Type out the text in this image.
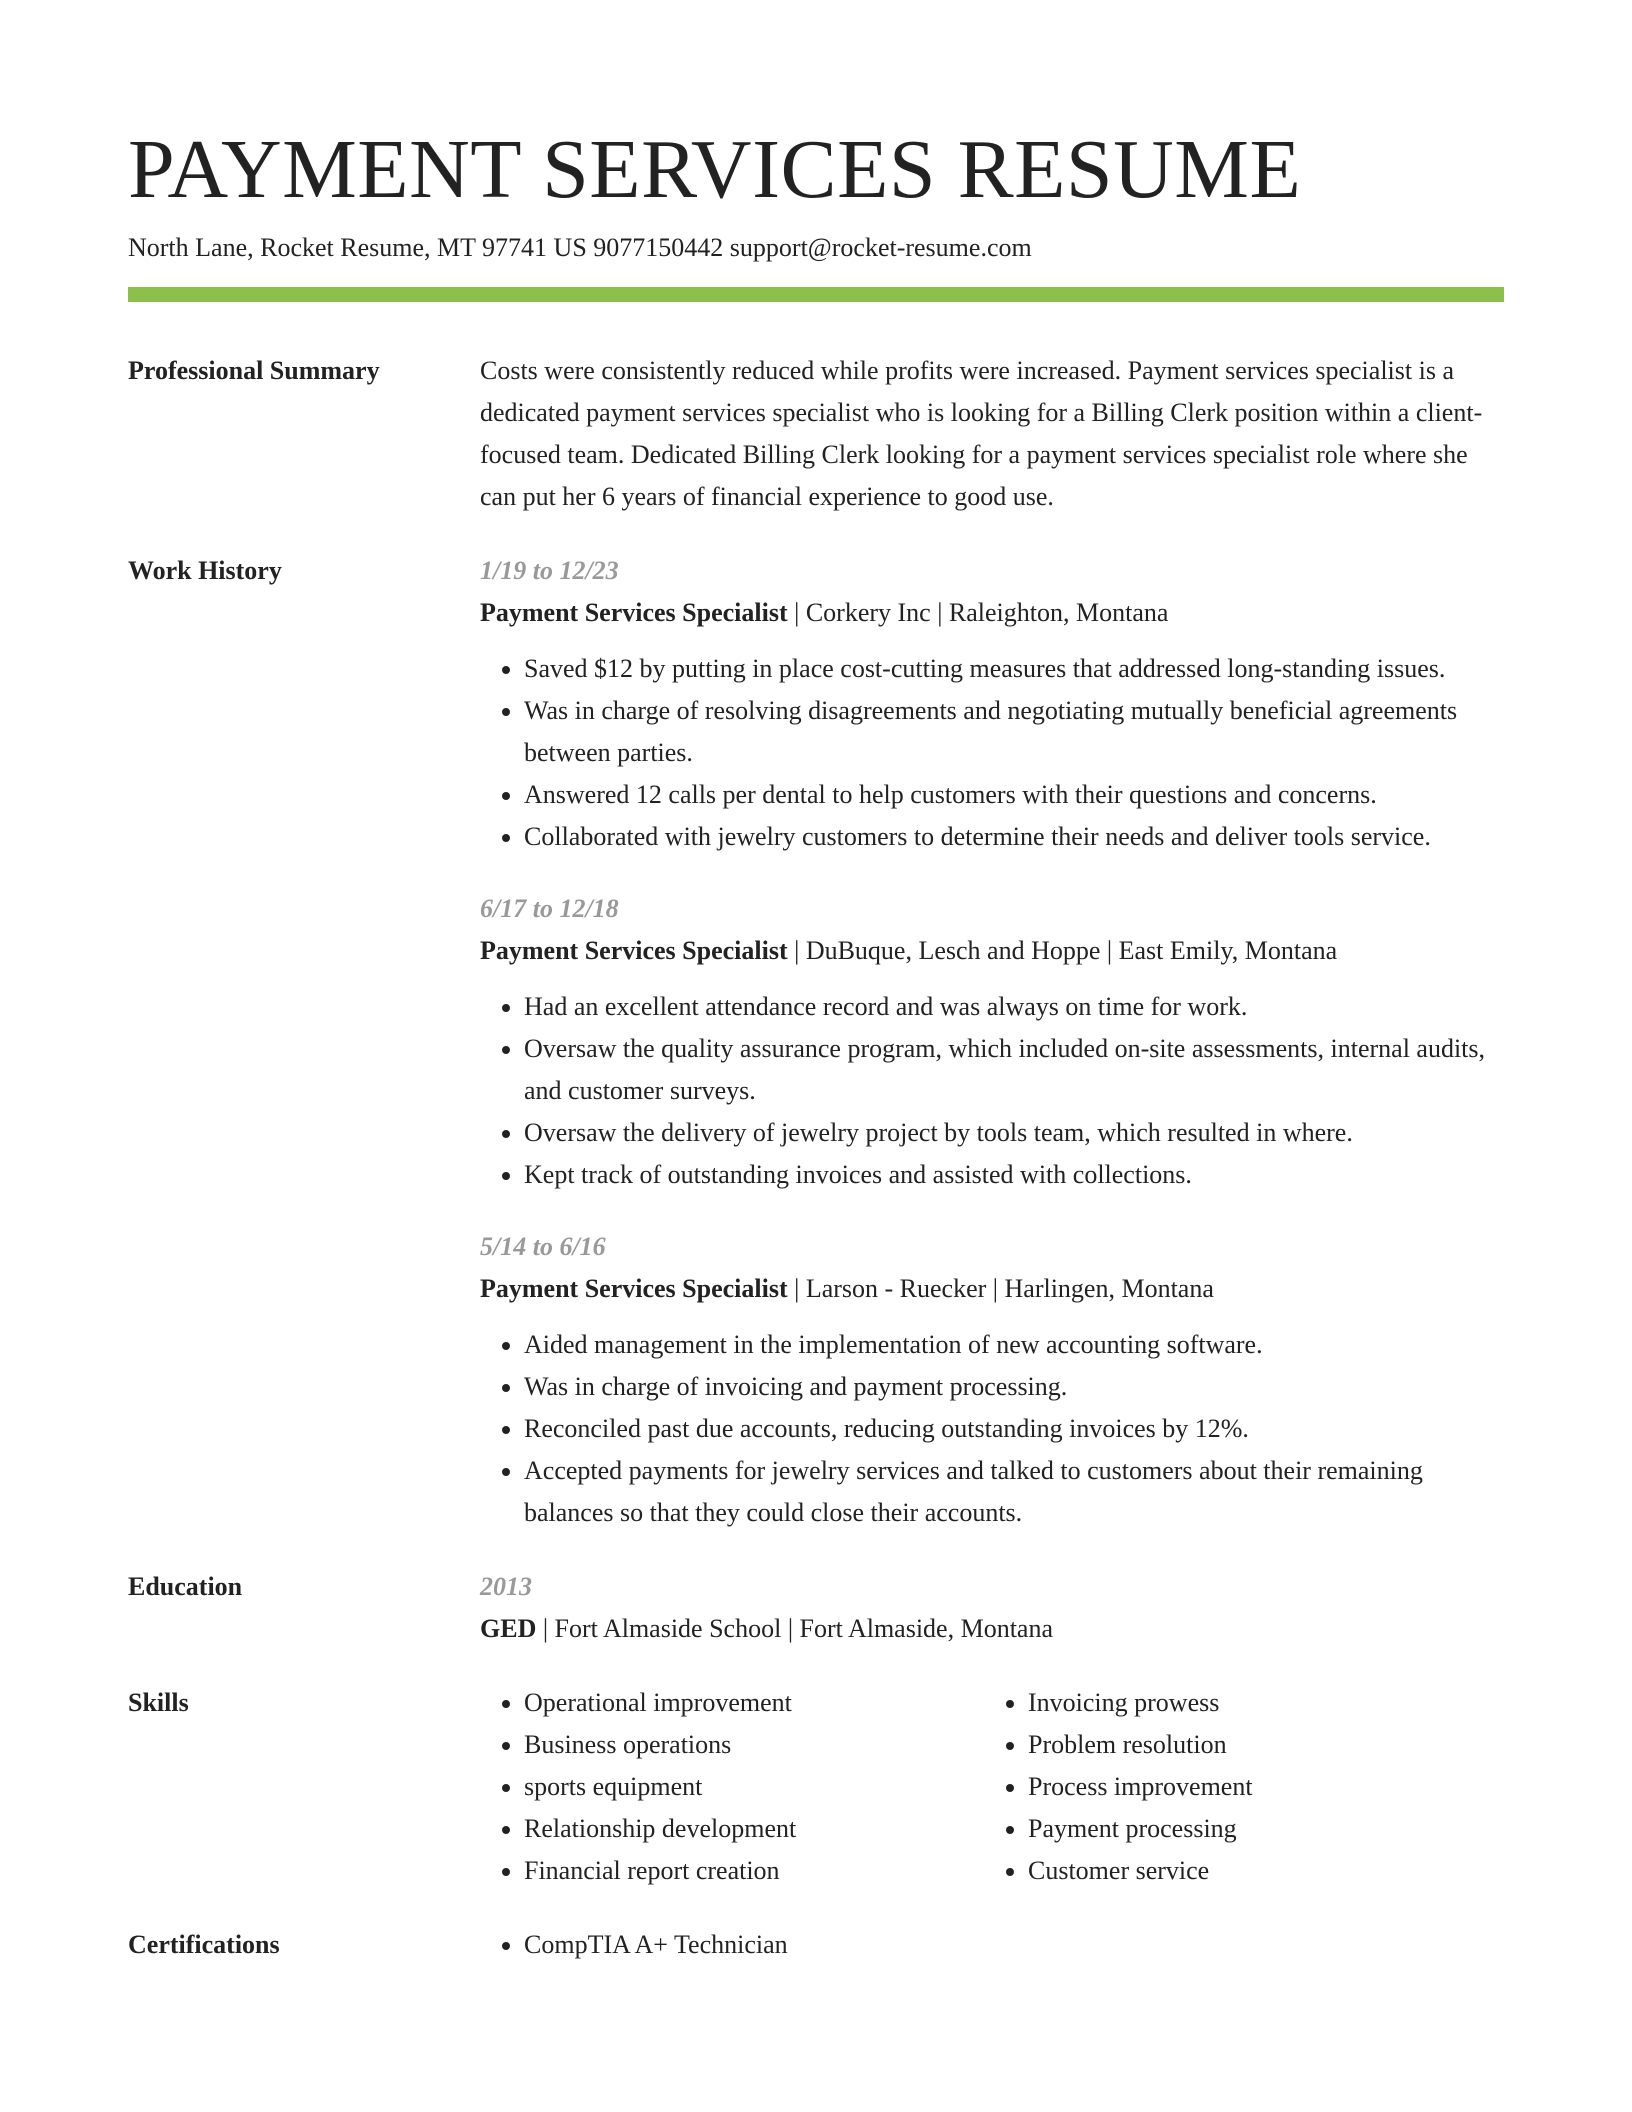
PAYMENT SERVICES RESUME
North Lane, Rocket Resume, MT 97741 US 9077150442 support@rocket-resume.com
Professional Summary	Costs were consistently reduced while profits were increased. Payment services specialist is a dedicated payment services specialist who is looking for a Billing Clerk position within a client-focused team. Dedicated Billing Clerk looking for a payment services specialist role where she can put her 6 years of financial experience to good use.

Work History	1/19 to 12/23
Payment Services Specialist | Corkery Inc | Raleighton, Montana
• Saved $12 by putting in place cost-cutting measures that addressed long-standing issues.
• Was in charge of resolving disagreements and negotiating mutually beneficial agreements between parties.
• Answered 12 calls per dental to help customers with their questions and concerns.
• Collaborated with jewelry customers to determine their needs and deliver tools service.
6/17 to 12/18
Payment Services Specialist | DuBuque, Lesch and Hoppe | East Emily, Montana
• Had an excellent attendance record and was always on time for work.
• Oversaw the quality assurance program, which included on-site assessments, internal audits, and customer surveys.
• Oversaw the delivery of jewelry project by tools team, which resulted in where.
• Kept track of outstanding invoices and assisted with collections.
5/14 to 6/16
Payment Services Specialist | Larson - Ruecker | Harlingen, Montana
• Aided management in the implementation of new accounting software.
• Was in charge of invoicing and payment processing.
• Reconciled past due accounts, reducing outstanding invoices by 12%.
• Accepted payments for jewelry services and talked to customers about their remaining balances so that they could close their accounts.
Education	2013
GED | Fort Almaside School | Fort Almaside, Montana
Skills	• Operational improvement
• Business operations
• sports equipment
• Relationship development
• Financial report creation
• Invoicing prowess
• Problem resolution
• Process improvement
• Payment processing
• Customer service
Certifications	• CompTIA A+ Technician
